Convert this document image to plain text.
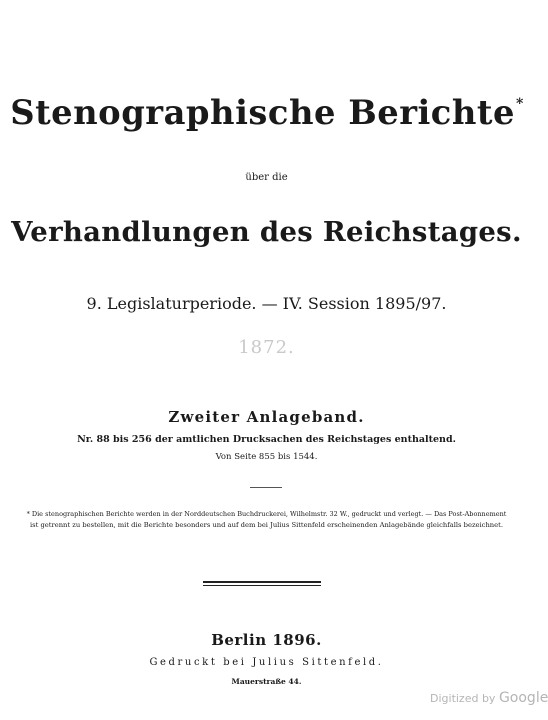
Stenographische Berichte*
über die
Verhandlungen des Reichstages.
9. Legislaturperiode. — IV. Session 1895/97.
1872.
Zweiter Anlageband.
Nr. 88 bis 256 der amtlichen Drucksachen des Reichstages enthaltend.
Von Seite 855 bis 1544.
* Die stenographischen Berichte werden in der Norddeutschen Buchdruckerei, Wilhelmstr. 32 W., gedruckt und verlegt. — Das Post-Abonnement
ist getrennt zu bestellen, mit die Berichte besonders und auf dem bei Julius Sittenfeld erscheinenden Anlagebände gleichfalls bezeichnet.
Berlin 1896.
Gedruckt bei Julius Sittenfeld.
Mauerstraße 44.
Digitized by Google
